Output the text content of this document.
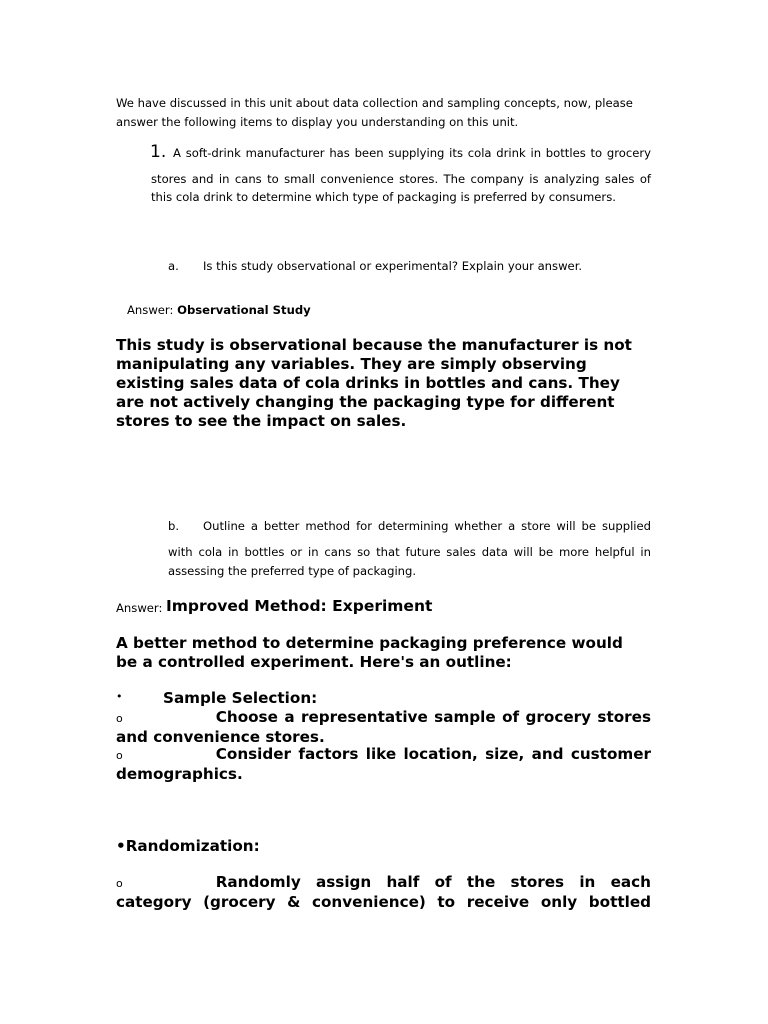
We have discussed in this unit about data collection and sampling concepts, now, please answer the following items to display you understanding on this unit.
1. A soft-drink manufacturer has been supplying its cola drink in bottles to grocery
stores and in cans to small convenience stores. The company is analyzing sales of
this cola drink to determine which type of packaging is preferred by consumers.
a. Is this study observational or experimental? Explain your answer.
Answer: Observational Study
This study is observational because the manufacturer is not
manipulating any variables. They are simply observing
existing sales data of cola drinks in bottles and cans. They
are not actively changing the packaging type for different
stores to see the impact on sales.
b. Outline a better method for determining whether a store will be supplied
with cola in bottles or in cans so that future sales data will be more helpful in
assessing the preferred type of packaging.
Answer: Improved Method: Experiment
A better method to determine packaging preference would
be a controlled experiment. Here's an outline:
•	Sample Selection:
o	Choose a representative sample of grocery stores
and convenience stores.
o	Consider factors like location, size, and customer
demographics.
•Randomization:
o	Randomly assign half of the stores in each
category (grocery & convenience) to receive only bottled
